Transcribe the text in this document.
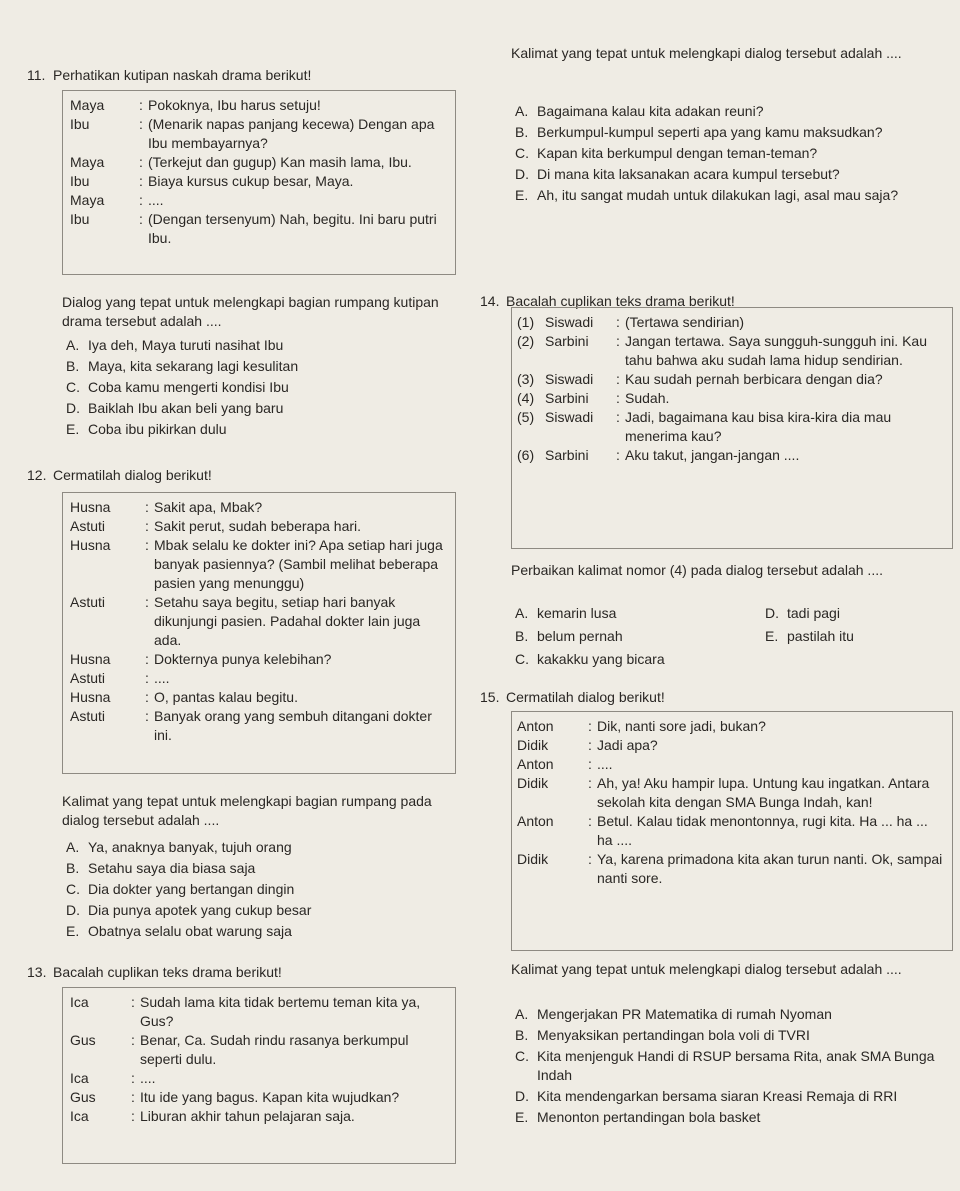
11. Perhatikan kutipan naskah drama berikut!
Maya	: Pokoknya, Ibu harus setuju!
Ibu	: (Menarik napas panjang kecewa) Dengan apa Ibu membayarnya?
Maya	: (Terkejut dan gugup) Kan masih lama, Ibu.
Ibu	: Biaya kursus cukup besar, Maya.
Maya	: ....
Ibu	: (Dengan tersenyum) Nah, begitu. Ini baru putri Ibu.
Dialog yang tepat untuk melengkapi bagian rumpang kutipan drama tersebut adalah ....
A. Iya deh, Maya turuti nasihat Ibu
B. Maya, kita sekarang lagi kesulitan
C. Coba kamu mengerti kondisi Ibu
D. Baiklah Ibu akan beli yang baru
E. Coba ibu pikirkan dulu
12. Cermatilah dialog berikut!
Husna	: Sakit apa, Mbak?
Astuti	: Sakit perut, sudah beberapa hari.
Husna	: Mbak selalu ke dokter ini? Apa setiap hari juga banyak pasiennya? (Sambil melihat beberapa pasien yang menunggu)
Astuti	: Setahu saya begitu, setiap hari banyak dikunjungi pasien. Padahal dokter lain juga ada.
Husna	: Dokternya punya kelebihan?
Astuti	: ....
Husna	: O, pantas kalau begitu.
Astuti	: Banyak orang yang sembuh ditangani dokter ini.
Kalimat yang tepat untuk melengkapi bagian rumpang pada dialog tersebut adalah ....
A. Ya, anaknya banyak, tujuh orang
B. Setahu saya dia biasa saja
C. Dia dokter yang bertangan dingin
D. Dia punya apotek yang cukup besar
E. Obatnya selalu obat warung saja
13. Bacalah cuplikan teks drama berikut!
Ica	: Sudah lama kita tidak bertemu teman kita ya, Gus?
Gus	: Benar, Ca. Sudah rindu rasanya berkumpul seperti dulu.
Ica	: ....
Gus	: Itu ide yang bagus. Kapan kita wujudkan?
Ica	: Liburan akhir tahun pelajaran saja.
Kalimat yang tepat untuk melengkapi dialog tersebut adalah ....
A. Bagaimana kalau kita adakan reuni?
B. Berkumpul-kumpul seperti apa yang kamu maksudkan?
C. Kapan kita berkumpul dengan teman-teman?
D. Di mana kita laksanakan acara kumpul tersebut?
E. Ah, itu sangat mudah untuk dilakukan lagi, asal mau saja?
14. Bacalah cuplikan teks drama berikut!
(1) Siswadi	: (Tertawa sendirian)
(2) Sarbini	: Jangan tertawa. Saya sungguh-sungguh ini. Kau tahu bahwa aku sudah lama hidup sendirian.
(3) Siswadi	: Kau sudah pernah berbicara dengan dia?
(4) Sarbini	: Sudah.
(5) Siswadi	: Jadi, bagaimana kau bisa kira-kira dia mau menerima kau?
(6) Sarbini	: Aku takut, jangan-jangan ....
Perbaikan kalimat nomor (4) pada dialog tersebut adalah ....
A. kemarin lusa	D. tadi pagi
B. belum pernah	E. pastilah itu
C. kakakku yang bicara
15. Cermatilah dialog berikut!
Anton	: Dik, nanti sore jadi, bukan?
Didik	: Jadi apa?
Anton	: ....
Didik	: Ah, ya! Aku hampir lupa. Untung kau ingatkan. Antara sekolah kita dengan SMA Bunga Indah, kan!
Anton	: Betul. Kalau tidak menontonnya, rugi kita. Ha ... ha ... ha ....
Didik	: Ya, karena primadona kita akan turun nanti. Ok, sampai nanti sore.
Kalimat yang tepat untuk melengkapi dialog tersebut adalah ....
A. Mengerjakan PR Matematika di rumah Nyoman
B. Menyaksikan pertandingan bola voli di TVRI
C. Kita menjenguk Handi di RSUP bersama Rita, anak SMA Bunga Indah
D. Kita mendengarkan bersama siaran Kreasi Remaja di RRI
E. Menonton pertandingan bola basket
